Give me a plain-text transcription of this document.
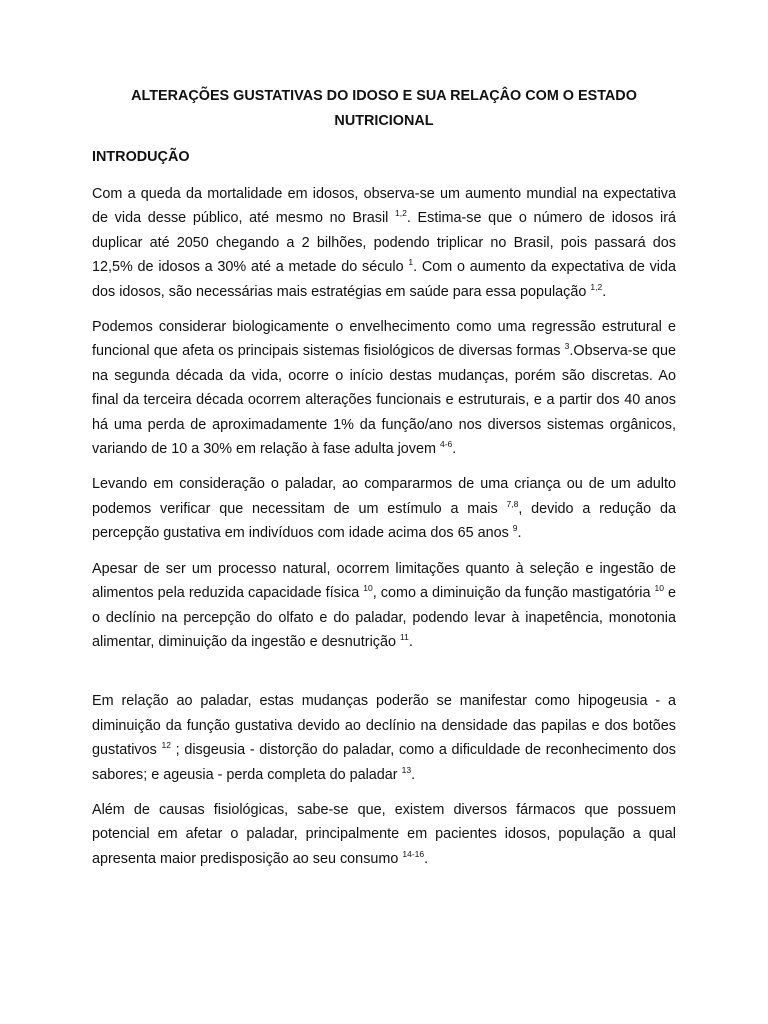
ALTERAÇÕES GUSTATIVAS DO IDOSO E SUA RELAÇÂO COM O ESTADO
NUTRICIONAL
INTRODUÇÃO

Com a queda da mortalidade em idosos, observa-se um aumento mundial na expectativa de vida desse público, até mesmo no Brasil $^{1,2}$. Estima-se que o número de idosos irá duplicar até 2050 chegando a 2 bilhões, podendo triplicar no Brasil, pois passará dos 12,5% de idosos a 30% até a metade do século $^1$. Com o aumento da expectativa de vida dos idosos, são necessárias mais estratégias em saúde para essa população $^{1,2}$.

Podemos considerar biologicamente o envelhecimento como uma regressão estrutural e funcional que afeta os principais sistemas fisiológicos de diversas formas $^3$.Observa-se que na segunda década da vida, ocorre o início destas mudanças, porém são discretas. Ao final da terceira década ocorrem alterações funcionais e estruturais, e a partir dos 40 anos há uma perda de aproximadamente 1% da função/ano nos diversos sistemas orgânicos, variando de 10 a 30% em relação à fase adulta jovem $^{4-6}$.

Levando em consideração o paladar, ao compararmos de uma criança ou de um adulto podemos verificar que necessitam de um estímulo a mais $^{7,8}$, devido a redução da percepção gustativa em indivíduos com idade acima dos 65 anos $^9$.

Apesar de ser um processo natural, ocorrem limitações quanto à seleção e ingestão de alimentos pela reduzida capacidade física $^{10}$, como a diminuição da função mastigatória $^{10}$ e o declínio na percepção do olfato e do paladar, podendo levar à inapetência, monotonia alimentar, diminuição da ingestão e desnutrição $^{11}$.

Em relação ao paladar, estas mudanças poderão se manifestar como hipogeusia - a diminuição da função gustativa devido ao declínio na densidade das papilas e dos botões gustativos $^{12}$ ; disgeusia - distorção do paladar, como a dificuldade de reconhecimento dos sabores; e ageusia - perda completa do paladar $^{13}$.

Além de causas fisiológicas, sabe-se que, existem diversos fármacos que possuem potencial em afetar o paladar, principalmente em pacientes idosos, população a qual apresenta maior predisposição ao seu consumo $^{14-16}$.
